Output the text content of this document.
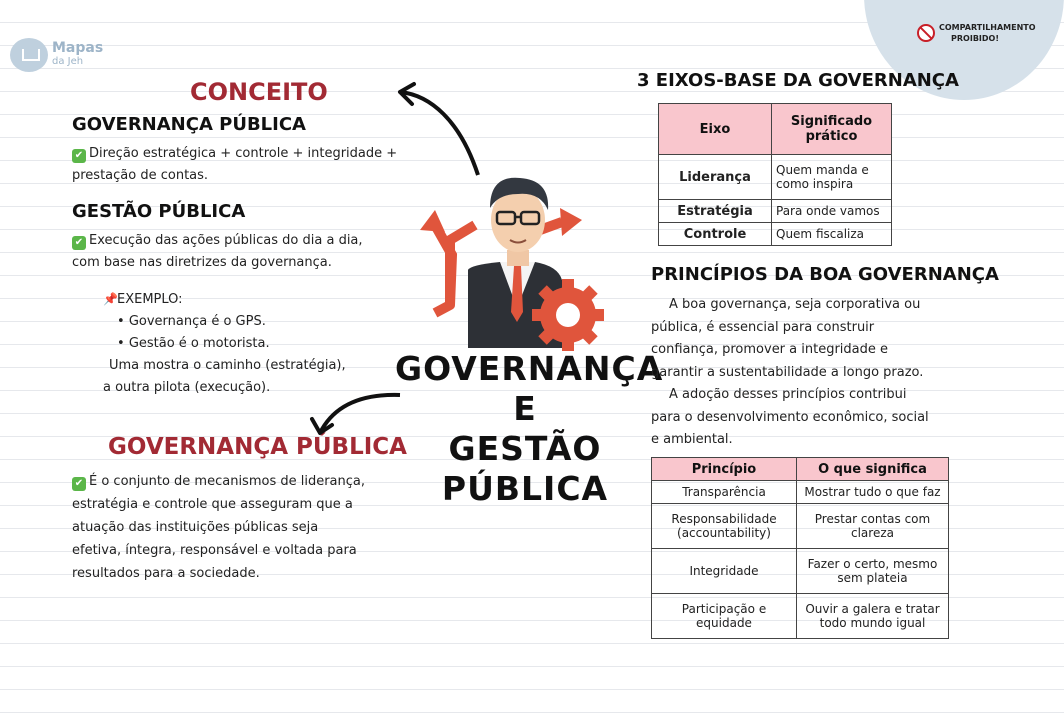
COMPARTILHAMENTO PROIBIDO!
Mapas
da Jeh
CONCEITO
GOVERNANÇA PÚBLICA
✔ Direção estratégica + controle + integridade +
prestação de contas.
GESTÃO PÚBLICA
✔ Execução das ações públicas do dia a dia,
com base nas diretrizes da governança.
📌EXEMPLO:
• Governança é o GPS.
• Gestão é o motorista.
Uma mostra o caminho (estratégia),
a outra pilota (execução).
GOVERNANÇA PÚBLICA
✔ É o conjunto de mecanismos de liderança,
estratégia e controle que asseguram que a
atuação das instituições públicas seja
efetiva, íntegra, responsável e voltada para
resultados para a sociedade.
GOVERNANÇA E
GESTÃO PÚBLICA
3 EIXOS-BASE DA GOVERNANÇA
Eixo	Significado prático
Liderança	Quem manda e como inspira
Estratégia	Para onde vamos
Controle	Quem fiscaliza
PRINCÍPIOS DA BOA GOVERNANÇA
A boa governança, seja corporativa ou
pública, é essencial para construir
confiança, promover a integridade e
garantir a sustentabilidade a longo prazo.
A adoção desses princípios contribui
para o desenvolvimento econômico, social
e ambiental.
Princípio	O que significa
Transparência	Mostrar tudo o que faz
Responsabilidade (accountability)	Prestar contas com clareza
Integridade	Fazer o certo, mesmo sem plateia
Participação e equidade	Ouvir a galera e tratar todo mundo igual
